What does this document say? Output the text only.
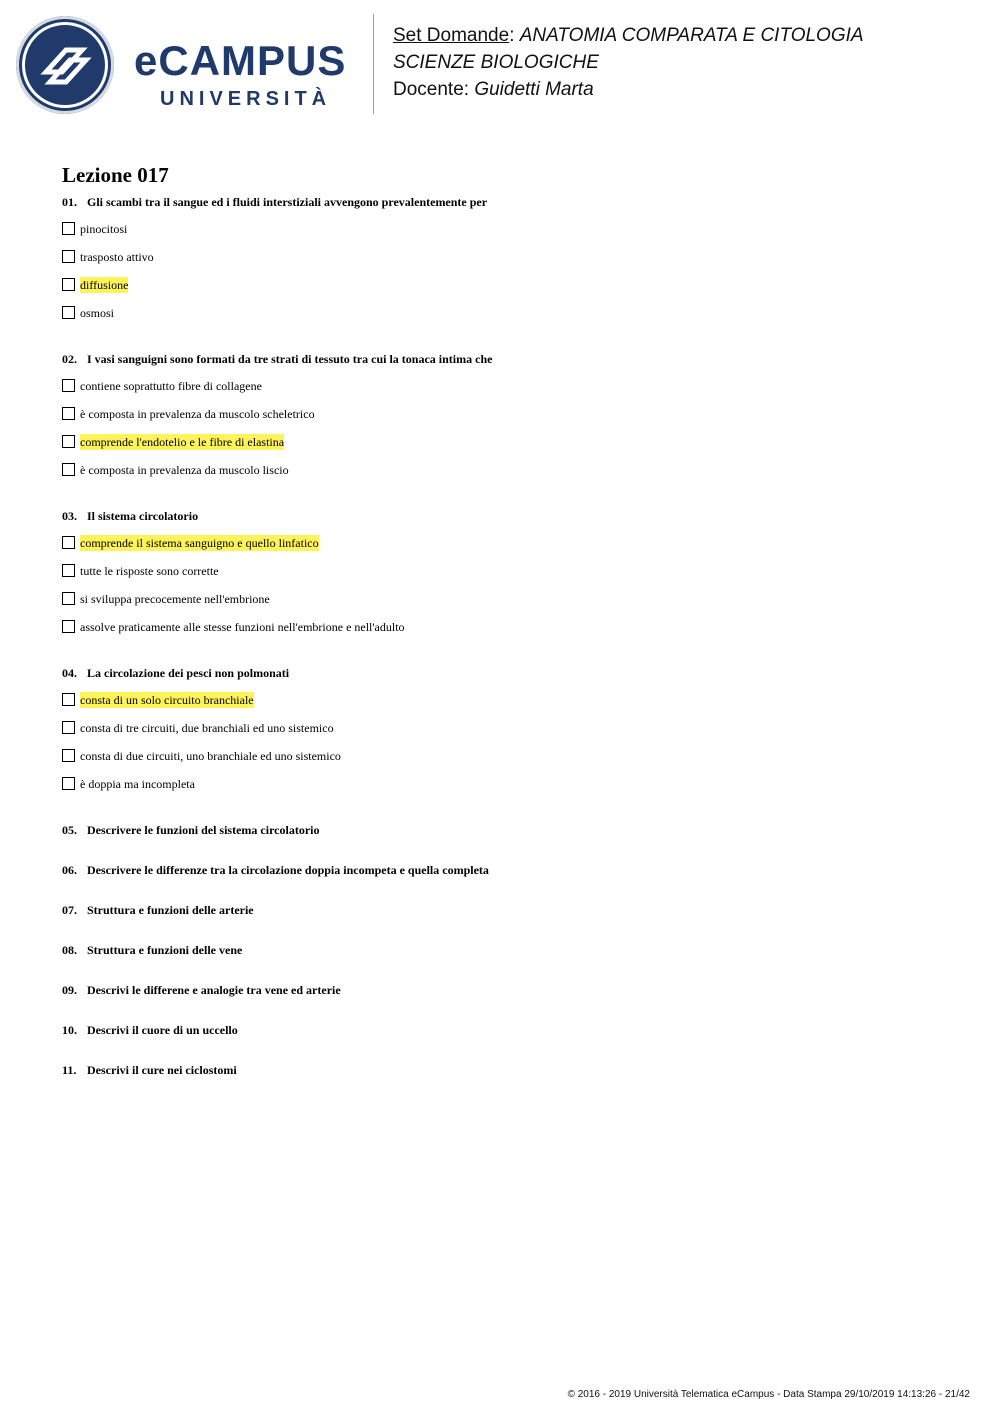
eCAMPUS
UNIVERSITÀ
Set Domande: ANATOMIA COMPARATA E CITOLOGIA
SCIENZE BIOLOGICHE
Docente: Guidetti Marta
Lezione 017
01. Gli scambi tra il sangue ed i fluidi interstiziali avvengono prevalentemente per
pinocitosi
trasposto attivo
diffusione
osmosi
02. I vasi sanguigni sono formati da tre strati di tessuto tra cui la tonaca intima che
contiene soprattutto fibre di collagene
è composta in prevalenza da muscolo scheletrico
comprende l'endotelio e le fibre di elastina
è composta in prevalenza da muscolo liscio
03. Il sistema circolatorio
comprende il sistema sanguigno e quello linfatico
tutte le risposte sono corrette
si sviluppa precocemente nell'embrione
assolve praticamente alle stesse funzioni nell'embrione e nell'adulto
04. La circolazione dei pesci non polmonati
consta di un solo circuito branchiale
consta di tre circuiti, due branchiali ed uno sistemico
consta di due circuiti, uno branchiale ed uno sistemico
è doppia ma incompleta
05. Descrivere le funzioni del sistema circolatorio
06. Descrivere le differenze tra la circolazione doppia incompeta e quella completa
07. Struttura e funzioni delle arterie
08. Struttura e funzioni delle vene
09. Descrivi le differene e analogie tra vene ed arterie
10. Descrivi il cuore di un uccello
11. Descrivi il cure nei ciclostomi
© 2016 - 2019 Università Telematica eCampus - Data Stampa 29/10/2019 14:13:26 - 21/42
